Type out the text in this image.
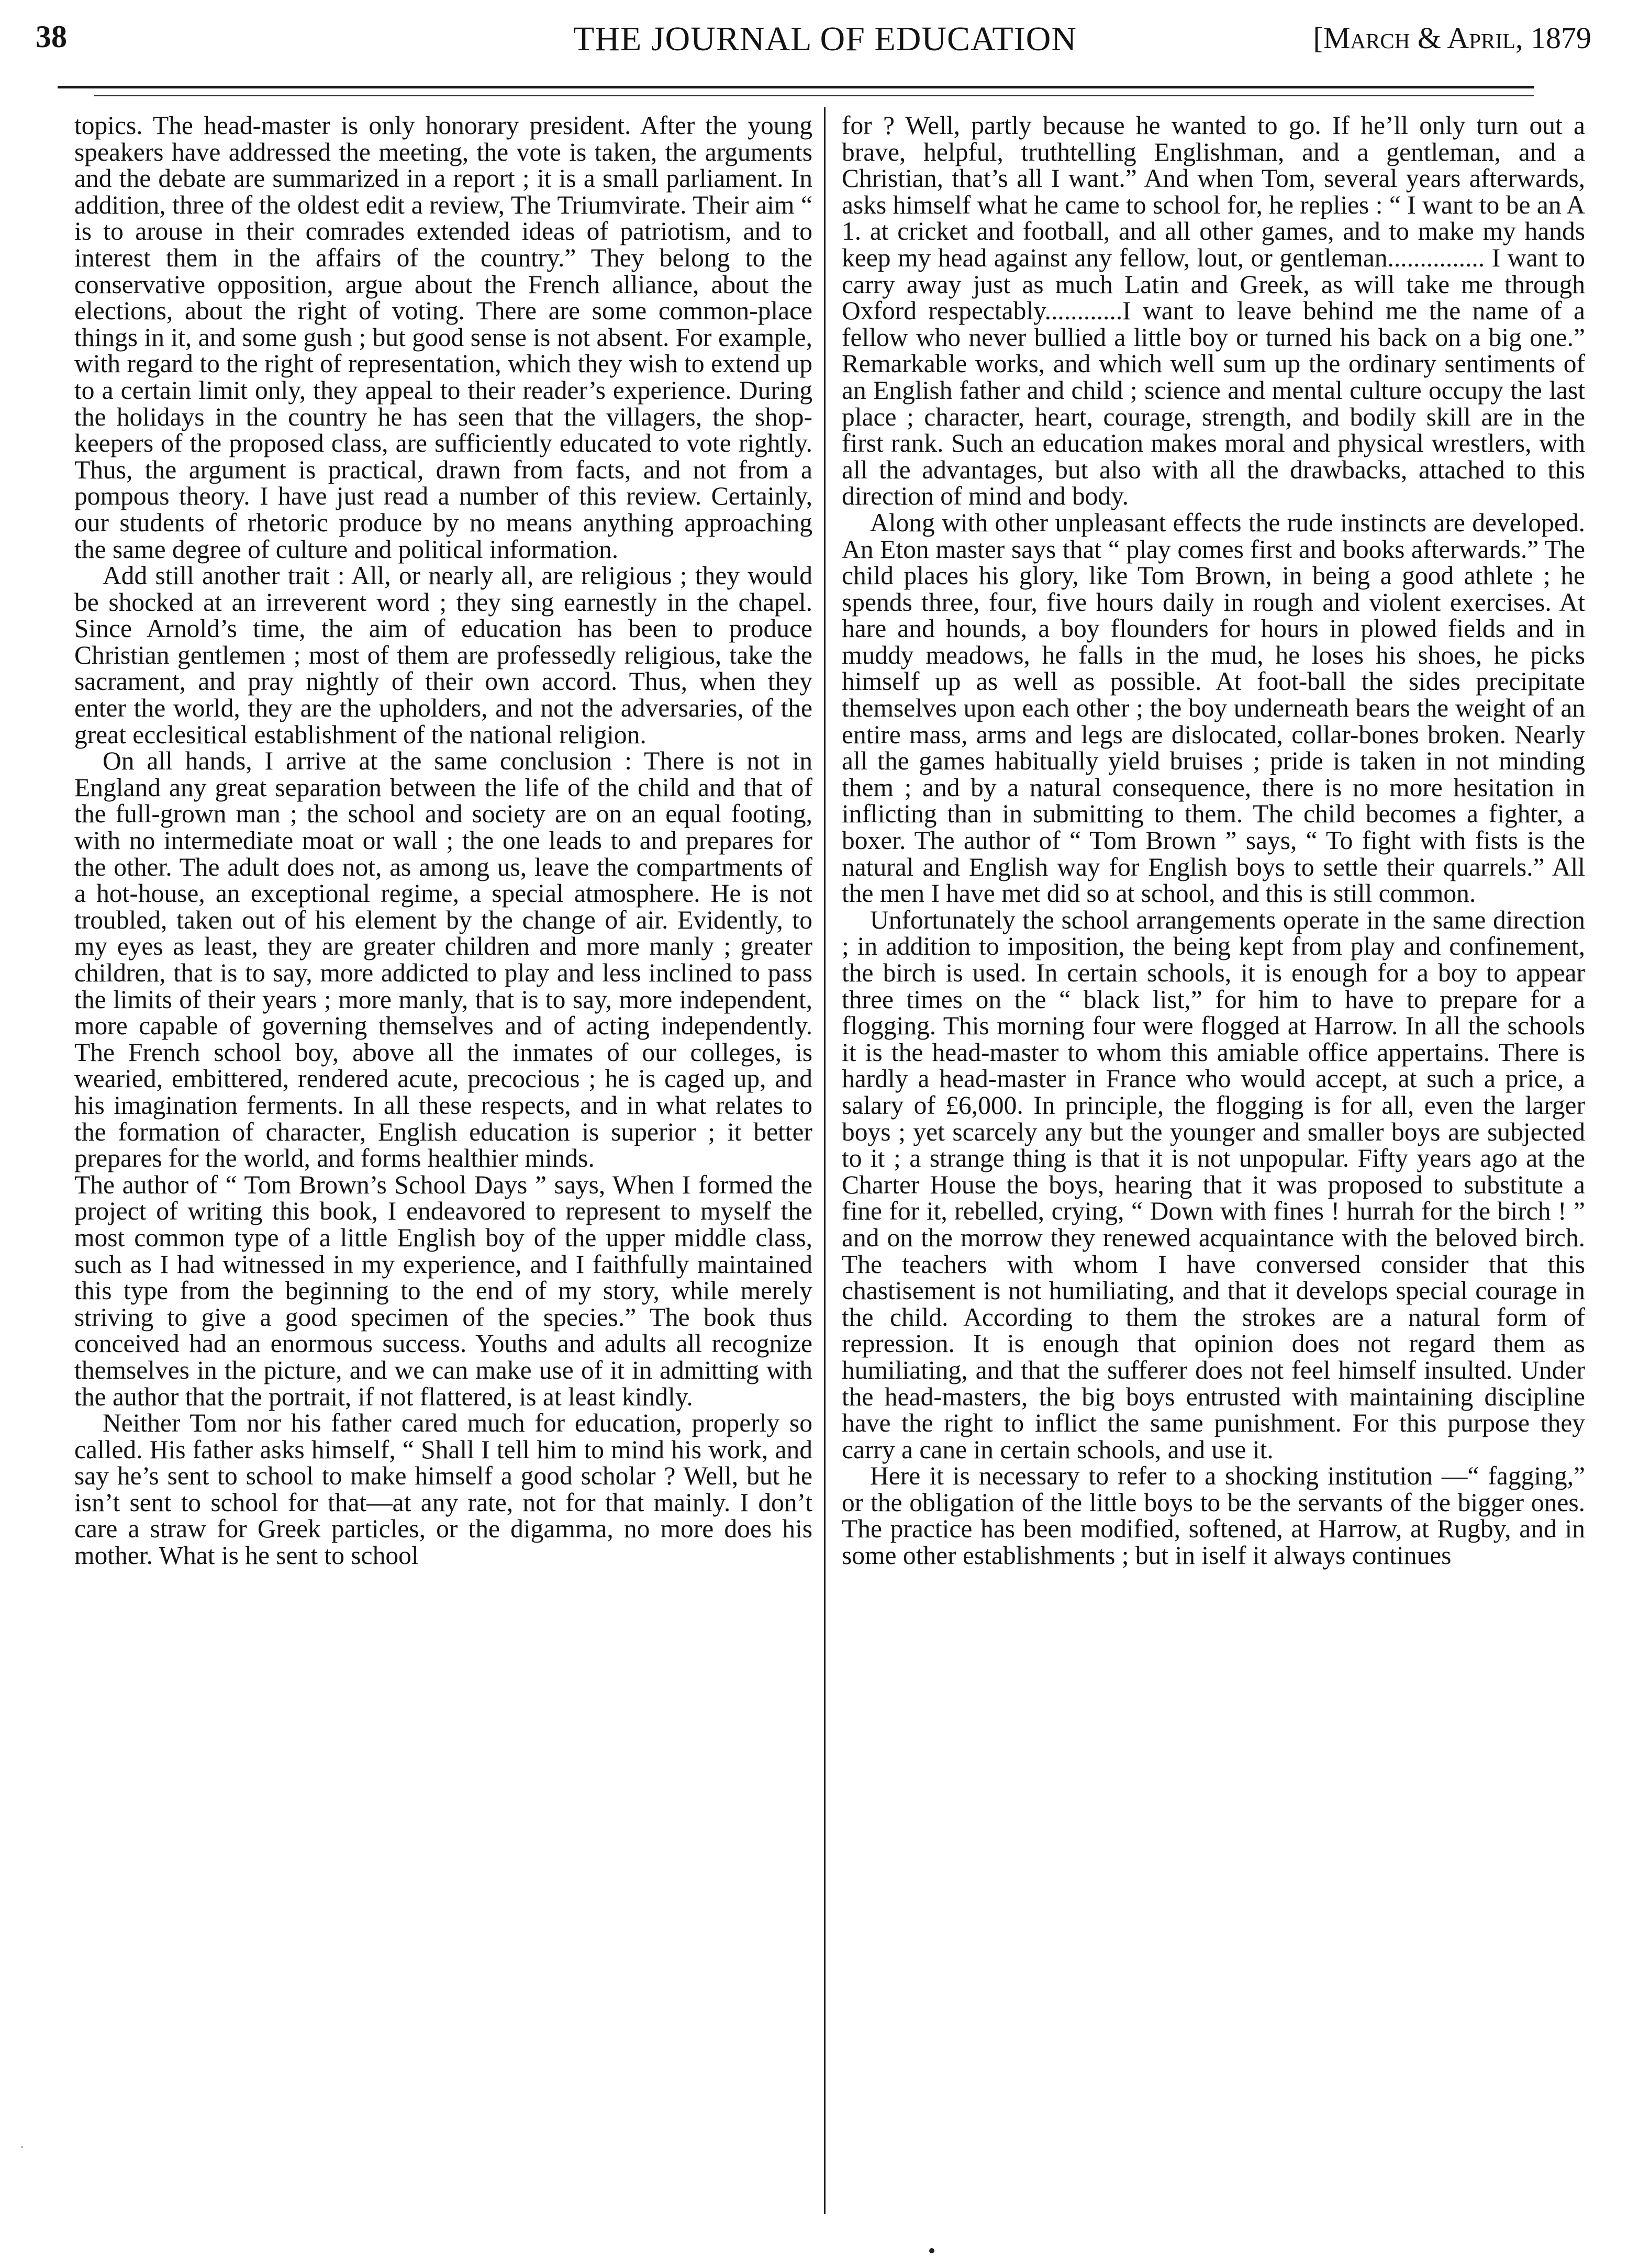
38	THE JOURNAL OF EDUCATION	[March & April, 1879

topics. The head-master is only honorary president. After the young speakers have addressed the meeting, the vote is taken, the arguments and the debate are summarized in a report ; it is a small parliament. In addition, three of the oldest edit a review, The Triumvirate. Their aim “ is to arouse in their comrades extended ideas of patriotism, and to interest them in the affairs of the country.” They belong to the conservative opposition, argue about the French alliance, about the elections, about the right of voting. There are some common-place things in it, and some gush ; but good sense is not absent. For example, with regard to the right of representation, which they wish to extend up to a certain limit only, they appeal to their reader’s experience. During the holidays in the country he has seen that the villagers, the shop-keepers of the proposed class, are sufficiently educated to vote rightly. Thus, the argument is practical, drawn from facts, and not from a pompous theory. I have just read a number of this review. Certainly, our students of rhetoric produce by no means anything approaching the same degree of culture and political information.

Add still another trait : All, or nearly all, are religious ; they would be shocked at an irreverent word ; they sing earnestly in the chapel. Since Arnold’s time, the aim of education has been to produce Christian gentlemen ; most of them are professedly religious, take the sacrament, and pray nightly of their own accord. Thus, when they enter the world, they are the upholders, and not the adversaries, of the great ecclesitical establishment of the national religion.

On all hands, I arrive at the same conclusion : There is not in England any great separation between the life of the child and that of the full-grown man ; the school and society are on an equal footing, with no intermediate moat or wall ; the one leads to and prepares for the other. The adult does not, as among us, leave the compartments of a hot-house, an exceptional regime, a special atmosphere. He is not troubled, taken out of his element by the change of air. Evidently, to my eyes as least, they are greater children and more manly ; greater children, that is to say, more addicted to play and less inclined to pass the limits of their years ; more manly, that is to say, more independent, more capable of governing themselves and of acting independently. The French school boy, above all the inmates of our colleges, is wearied, embittered, rendered acute, precocious ; he is caged up, and his imagination ferments. In all these respects, and in what relates to the formation of character, English education is superior ; it better prepares for the world, and forms healthier minds.

The author of “ Tom Brown’s School Days ” says, When I formed the project of writing this book, I endeavored to represent to myself the most common type of a little English boy of the upper middle class, such as I had witnessed in my experience, and I faithfully maintained this type from the beginning to the end of my story, while merely striving to give a good specimen of the species.” The book thus conceived had an enormous success. Youths and adults all recognize themselves in the picture, and we can make use of it in admitting with the author that the portrait, if not flattered, is at least kindly.

Neither Tom nor his father cared much for education, properly so called. His father asks himself, “ Shall I tell him to mind his work, and say he’s sent to school to make himself a good scholar ? Well, but he isn’t sent to school for that—at any rate, not for that mainly. I don’t care a straw for Greek particles, or the digamma, no more does his mother. What is he sent to school

for ? Well, partly because he wanted to go. If he’ll only turn out a brave, helpful, truthtelling Englishman, and a gentleman, and a Christian, that’s all I want.” And when Tom, several years afterwards, asks himself what he came to school for, he replies : “ I want to be an A 1. at cricket and football, and all other games, and to make my hands keep my head against any fellow, lout, or gentleman............... I want to carry away just as much Latin and Greek, as will take me through Oxford respectably............I want to leave behind me the name of a fellow who never bullied a little boy or turned his back on a big one.” Remarkable works, and which well sum up the ordinary sentiments of an English father and child ; science and mental culture occupy the last place ; character, heart, courage, strength, and bodily skill are in the first rank. Such an education makes moral and physical wrestlers, with all the advantages, but also with all the drawbacks, attached to this direction of mind and body.

Along with other unpleasant effects the rude instincts are developed. An Eton master says that “ play comes first and books afterwards.” The child places his glory, like Tom Brown, in being a good athlete ; he spends three, four, five hours daily in rough and violent exercises. At hare and hounds, a boy flounders for hours in plowed fields and in muddy meadows, he falls in the mud, he loses his shoes, he picks himself up as well as possible. At foot-ball the sides precipitate themselves upon each other ; the boy underneath bears the weight of an entire mass, arms and legs are dislocated, collar-bones broken. Nearly all the games habitually yield bruises ; pride is taken in not minding them ; and by a natural consequence, there is no more hesitation in inflicting than in submitting to them. The child becomes a fighter, a boxer. The author of “ Tom Brown ” says, “ To fight with fists is the natural and English way for English boys to settle their quarrels.” All the men I have met did so at school, and this is still common.

Unfortunately the school arrangements operate in the same direction ; in addition to imposition, the being kept from play and confinement, the birch is used. In certain schools, it is enough for a boy to appear three times on the “ black list,” for him to have to prepare for a flogging. This morning four were flogged at Harrow. In all the schools it is the head-master to whom this amiable office appertains. There is hardly a head-master in France who would accept, at such a price, a salary of £6,000. In principle, the flogging is for all, even the larger boys ; yet scarcely any but the younger and smaller boys are subjected to it ; a strange thing is that it is not unpopular. Fifty years ago at the Charter House the boys, hearing that it was proposed to substitute a fine for it, rebelled, crying, “ Down with fines ! hurrah for the birch ! ” and on the morrow they renewed acquaintance with the beloved birch. The teachers with whom I have conversed consider that this chastisement is not humiliating, and that it develops special courage in the child. According to them the strokes are a natural form of repression. It is enough that opinion does not regard them as humiliating, and that the sufferer does not feel himself insulted. Under the head-masters, the big boys entrusted with maintaining discipline have the right to inflict the same punishment. For this purpose they carry a cane in certain schools, and use it.

Here it is necessary to refer to a shocking institution —“ fagging,” or the obligation of the little boys to be the servants of the bigger ones. The practice has been modified, softened, at Harrow, at Rugby, and in some other establishments ; but in iself it always continues
